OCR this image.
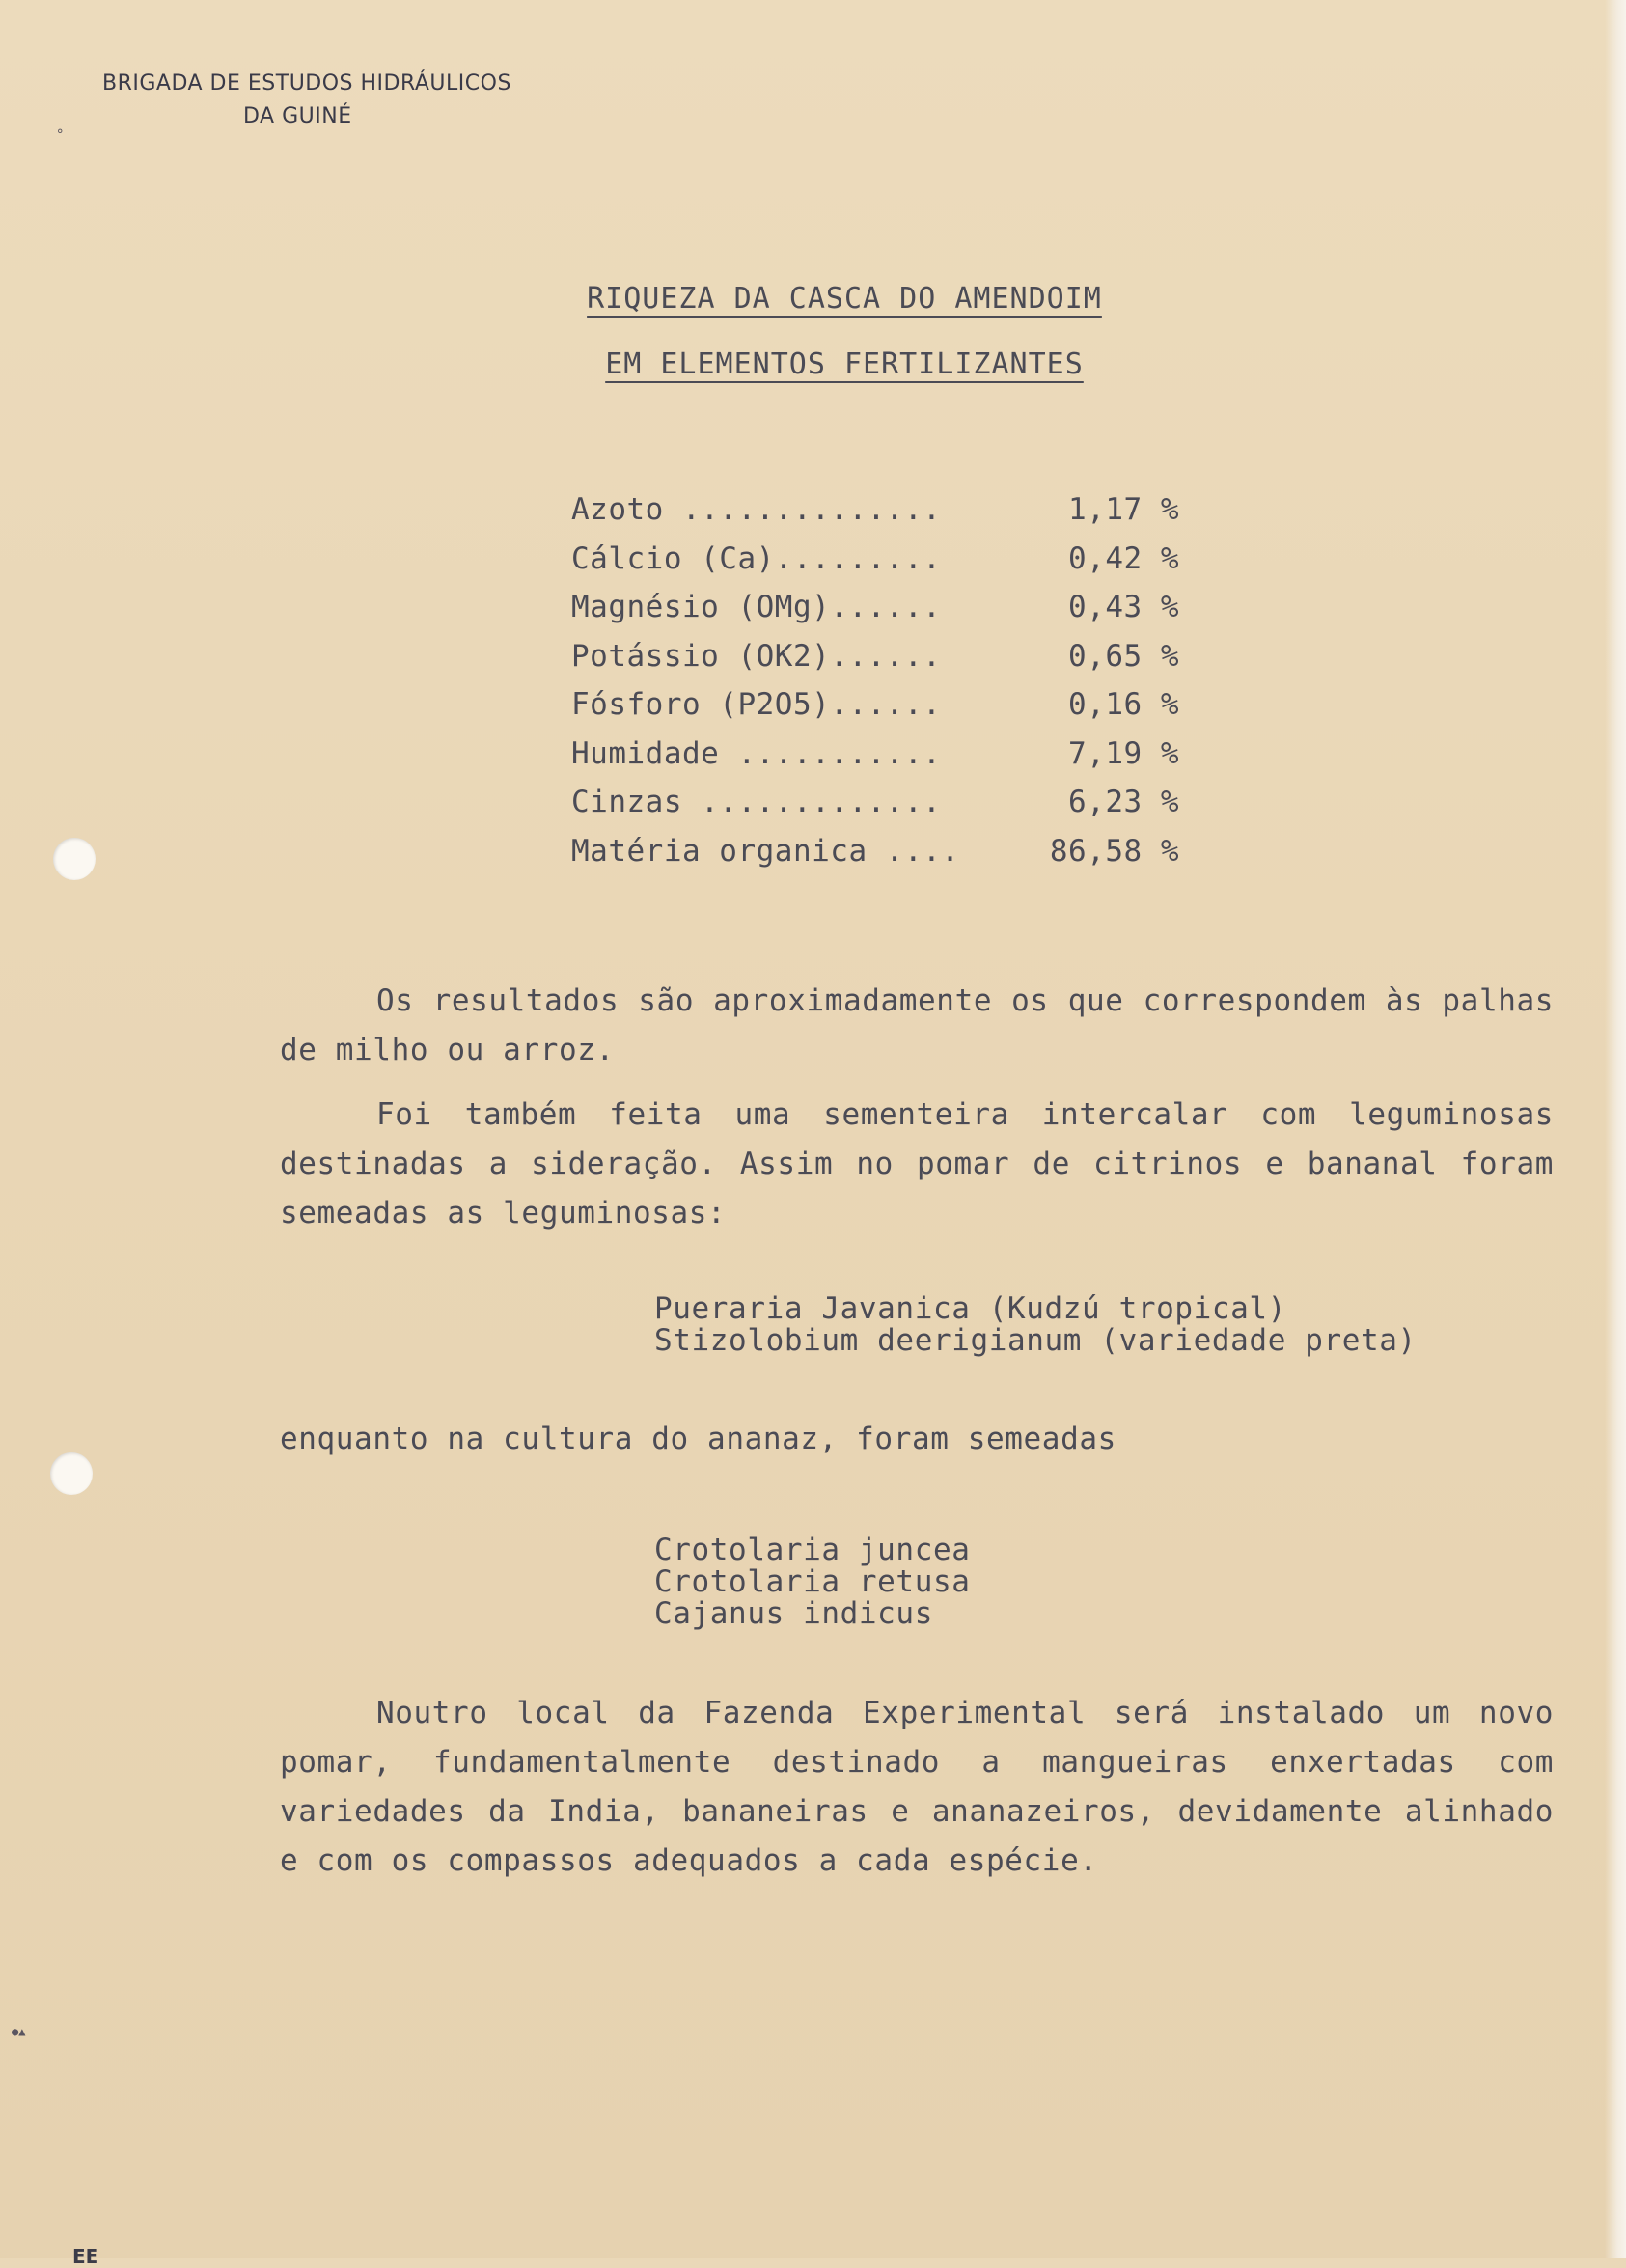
BRIGADA DE ESTUDOS HIDRÁULICOS
DA GUINÉ
°
●▲
RIQUEZA DA CASCA DO AMENDOIM
EM ELEMENTOS FERTILIZANTES
Azoto ..............	1,17 %
Cálcio (Ca).........	0,42 %
Magnésio (OMg)......	0,43 %
Potássio (OK2)......	0,65 %
Fósforo (P2O5)......	0,16 %
Humidade ...........	7,19 %
Cinzas .............	6,23 %
Matéria organica ....	86,58 %
Os resultados são aproximadamente os que correspondem às palhas de milho ou arroz.
Foi também feita uma sementeira intercalar com leguminosas destinadas a sideração. Assim no pomar de citrinos e bananal foram semeadas as leguminosas:
Pueraria Javanica (Kudzú tropical)
Stizolobium deerigianum (variedade preta)
enquanto na cultura do ananaz, foram semeadas
Crotolaria juncea
Crotolaria retusa
Cajanus indicus
Noutro local da Fazenda Experimental será instalado um novo pomar, fundamentalmente destinado a mangueiras enxertadas com variedades da India, bananeiras e ananazeiros, devidamente alinhado e com os compassos adequados a cada espécie.
EE
